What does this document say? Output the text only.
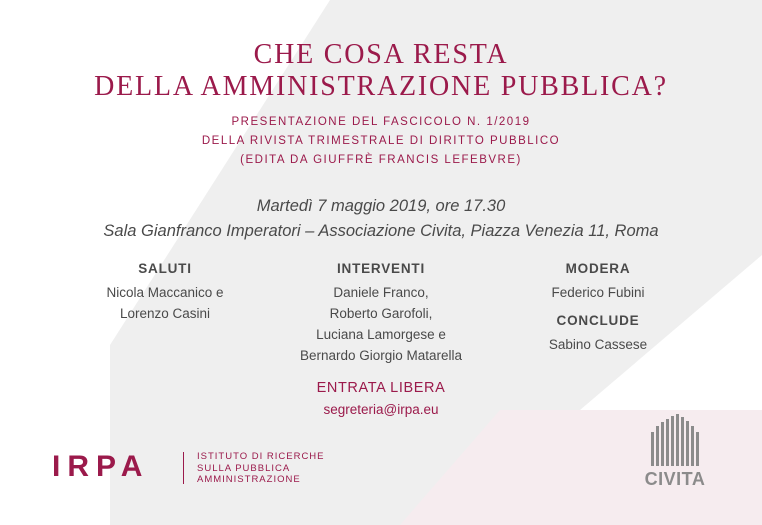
CHE COSA RESTA
DELLA AMMINISTRAZIONE PUBBLICA?
PRESENTAZIONE DEL FASCICOLO N. 1/2019
DELLA RIVISTA TRIMESTRALE DI DIRITTO PUBBLICO
(EDITA DA GIUFFRÈ FRANCIS LEFEBVRE)
Martedì 7 maggio 2019, ore 17.30
Sala Gianfranco Imperatori – Associazione Civita, Piazza Venezia 11, Roma
SALUTI
Nicola Maccanico e
Lorenzo Casini
INTERVENTI
Daniele Franco,
Roberto Garofoli,
Luciana Lamorgese e
Bernardo Giorgio Matarella
MODERA
Federico Fubini
CONCLUDE
Sabino Cassese
ENTRATA LIBERA
segreteria@irpa.eu
IRPA	ISTITUTO DI RICERCHE
SULLA PUBBLICA
AMMINISTRAZIONE	CIVITA
